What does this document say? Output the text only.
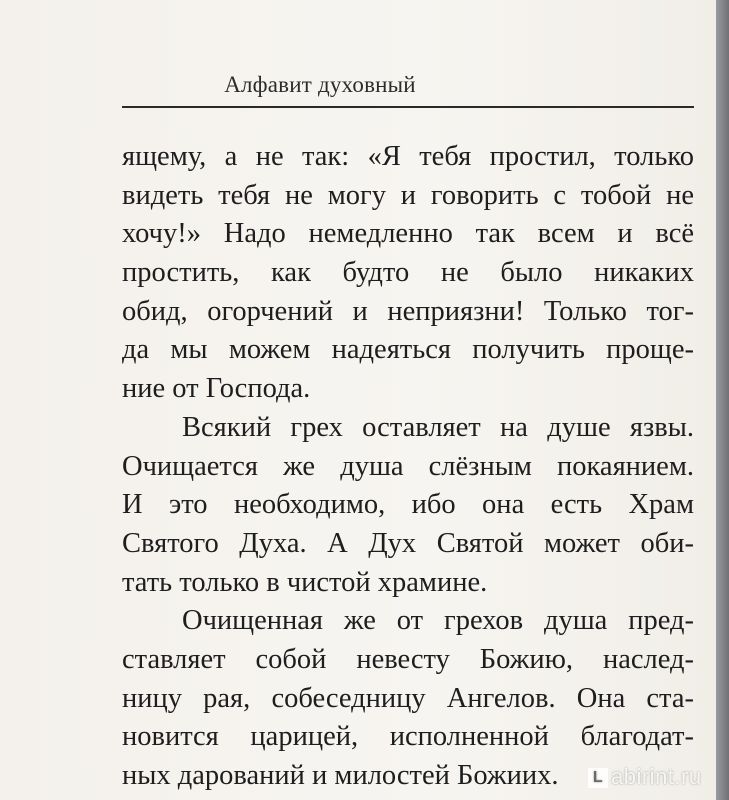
Алфавит духовный
ящему, а не так: «Я тебя простил, только
видеть тебя не могу и говорить с тобой не
хочу!» Надо немедленно так всем и всё
простить, как будто не было никаких
обид, огорчений и неприязни! Только тог-
да мы можем надеяться получить проще-
ние от Господа.
Всякий грех оставляет на душе язвы.
Очищается же душа слёзным покаянием.
И это необходимо, ибо она есть Храм
Святого Духа. А Дух Святой может оби-
тать только в чистой храмине.
Очищенная же от грехов душа пред-
ставляет собой невесту Божию, наслед-
ницу рая, собеседницу Ангелов. Она ста-
новится царицей, исполненной благодат-
ных дарований и милостей Божиих.	L abirint.ru
